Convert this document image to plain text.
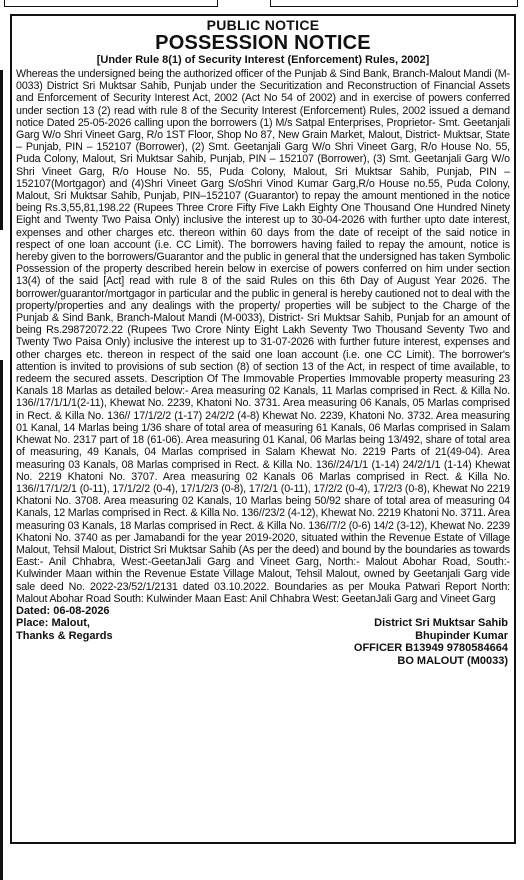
PUBLIC NOTICE
POSSESSION NOTICE
[Under Rule 8(1) of Security Interest (Enforcement) Rules, 2002]

Whereas the undersigned being the authorized officer of the Punjab & Sind Bank, Branch-Malout Mandi (M-0033) District Sri Muktsar Sahib, Punjab under the Securitization and Reconstruction of Financial Assets and Enforcement of Security Interest Act, 2002 (Act No 54 of 2002) and in exercise of powers conferred under section 13 (2) read with rule 8 of the Security Interest (Enforcement) Rules, 2002 issued a demand notice Dated 25-05-2026 calling upon the borrowers (1) M/s Satpal Enterprises, Proprietor- Smt. Geetanjali Garg W/o Shri Vineet Garg, R/o 1ST Floor, Shop No 87, New Grain Market, Malout, District- Muktsar, State – Punjab, PIN – 152107 (Borrower), (2) Smt. Geetanjali Garg W/o Shri Vineet Garg, R/o House No. 55, Puda Colony, Malout, Sri Muktsar Sahib, Punjab, PIN – 152107 (Borrower), (3) Smt. Geetanjali Garg W/o Shri Vineet Garg, R/o House No. 55, Puda Colony, Malout, Sri Muktsar Sahib, Punjab, PIN – 152107(Mortgagor) and (4)Shri Vineet Garg S/oShri Vinod Kumar Garg,R/o House no.55, Puda Colony, Malout, Sri Muktsar Sahib, Punjab, PIN–152107 (Guarantor) to repay the amount mentioned in the notice being Rs.3,55,81,198.22 (Rupees Three Crore Fifty Five Lakh Eighty One Thousand One Hundred Ninety Eight and Twenty Two Paisa Only) inclusive the interest up to 30-04-2026 with further upto date interest, expenses and other charges etc. thereon within 60 days from the date of receipt of the said notice in respect of one loan account (i.e. CC Limit). The borrowers having failed to repay the amount, notice is hereby given to the borrowers/Guarantor and the public in general that the undersigned has taken Symbolic Possession of the property described herein below in exercise of powers conferred on him under section 13(4) of the said [Act] read with rule 8 of the said Rules on this 6th Day of August Year 2026. The borrower/guarantor/mortgagor in particular and the public in general is hereby cautioned not to deal with the property/properties and any dealings with the property/ properties will be subject to the Charge of the Punjab & Sind Bank, Branch-Malout Mandi (M-0033), District- Sri Muktsar Sahib, Punjab for an amount of being Rs.29872072.22 (Rupees Two Crore Ninty Eight Lakh Seventy Two Thousand Seventy Two and Twenty Two Paisa Only) inclusive the interest up to 31-07-2026 with further future interest, expenses and other charges etc. thereon in respect of the said one loan account (i.e. one CC Limit). The borrower's attention is invited to provisions of sub section (8) of section 13 of the Act, in respect of time available, to redeem the secured assets. Description Of The Immovable Properties Immovable property measuring 23 Kanals 18 Marlas as detailed below:- Area measuring 02 Kanals, 11 Marlas comprised in Rect. & Killa No. 136//17/1/1/1(2-11), Khewat No. 2239, Khatoni No. 3731. Area measuring 06 Kanals, 05 Marlas comprised in Rect. & Killa No. 136// 17/1/2/2 (1-17) 24/2/2 (4-8) Khewat No. 2239, Khatoni No. 3732. Area measuring 01 Kanal, 14 Marlas being 1/36 share of total area of measuring 61 Kanals, 06 Marlas comprised in Salam Khewat No. 2317 part of 18 (61-06). Area measuring 01 Kanal, 06 Marlas being 13/492, share of total area of measuring, 49 Kanals, 04 Marlas comprised in Salam Khewat No. 2219 Parts of 21(49-04). Area measuring 03 Kanals, 08 Marlas comprised in Rect. & Killa No. 136//24/1/1 (1-14) 24/2/1/1 (1-14) Khewat No. 2219 Khatoni No. 3707. Area measuring 02 Kanals 06 Marlas comprised in Rect. & Killa No. 136//17/1/2/1 (0-11), 17/1/2/2 (0-4), 17/1/2/3 (0-8), 17/2/1 (0-11), 17/2/2 (0-4), 17/2/3 (0-8), Khewat No 2219 Khatoni No. 3708. Area measuring 02 Kanals, 10 Marlas being 50/92 share of total area of measuring 04 Kanals, 12 Marlas comprised in Rect. & Killa No. 136//23/2 (4-12), Khewat No. 2219 Khatoni No. 3711. Area measuring 03 Kanals, 18 Marlas comprised in Rect. & Killa No. 136//7/2 (0-6) 14/2 (3-12), Khewat No. 2239 Khatoni No. 3740 as per Jamabandi for the year 2019-2020, situated within the Revenue Estate of Village Malout, Tehsil Malout, District Sri Muktsar Sahib (As per the deed) and bound by the boundaries as towards East:- Anil Chhabra, West:-GeetanJali Garg and Vineet Garg, North:- Malout Abohar Road, South:-Kulwinder Maan within the Revenue Estate Village Malout, Tehsil Malout, owned by Geetanjali Garg vide sale deed No. 2022-23/52/1/2131 dated 03.10.2022. Boundaries as per Mouka Patwari Report North: Malout Abohar Road South: Kulwinder Maan East: Anil Chhabra West: GeetanJali Garg and Vineet Garg

Dated: 06-08-2026
Place: Malout,
Thanks & Regards
District Sri Muktsar Sahib
Bhupinder Kumar
OFFICER B13949 9780584664
BO MALOUT (M0033)
